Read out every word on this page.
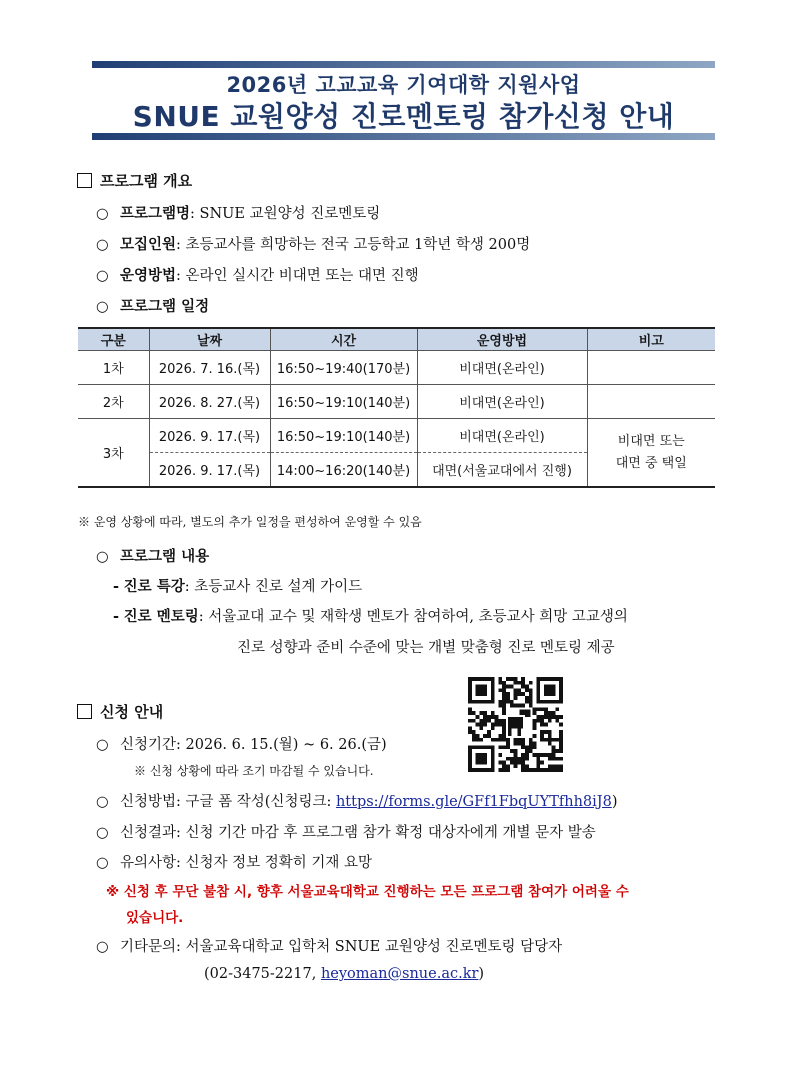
2026년 고교교육 기여대학 지원사업
SNUE 교원양성 진로멘토링 참가신청 안내
프로그램 개요
○ 프로그램명: SNUE 교원양성 진로멘토링
○ 모집인원: 초등교사를 희망하는 전국 고등학교 1학년 학생 200명
○ 운영방법: 온라인 실시간 비대면 또는 대면 진행
○ 프로그램 일정
구분	날짜	시간	운영방법	비고
1차	2026. 7. 16.(목)	16:50~19:40(170분)	비대면(온라인)	
2차	2026. 8. 27.(목)	16:50~19:10(140분)	비대면(온라인)	
3차	2026. 9. 17.(목)	16:50~19:10(140분)	비대면(온라인)	비대면 또는
대면 중 택일

	2026. 9. 17.(목)	14:00~16:20(140분)	대면(서울교대에서 진행)	
※ 운영 상황에 따라, 별도의 추가 일정을 편성하여 운영할 수 있음
○ 프로그램 내용
- 진로 특강: 초등교사 진로 설계 가이드
- 진로 멘토링: 서울교대 교수 및 재학생 멘토가 참여하여, 초등교사 희망 고교생의
진로 성향과 준비 수준에 맞는 개별 맞춤형 진로 멘토링 제공
신청 안내
○ 신청기간: 2026. 6. 15.(월) ~ 6. 26.(금)
※ 신청 상황에 따라 조기 마감될 수 있습니다.
○ 신청방법: 구글 폼 작성(신청링크: https://forms.gle/GFf1FbqUYTfhh8iJ8)
○ 신청결과: 신청 기간 마감 후 프로그램 참가 확정 대상자에게 개별 문자 발송
○ 유의사항: 신청자 정보 정확히 기재 요망
※ 신청 후 무단 불참 시, 향후 서울교육대학교 진행하는 모든 프로그램 참여가 어려울 수
있습니다.
○ 기타문의: 서울교육대학교 입학처 SNUE 교원양성 진로멘토링 담당자
(02-3475-2217, heyoman@snue.ac.kr)
